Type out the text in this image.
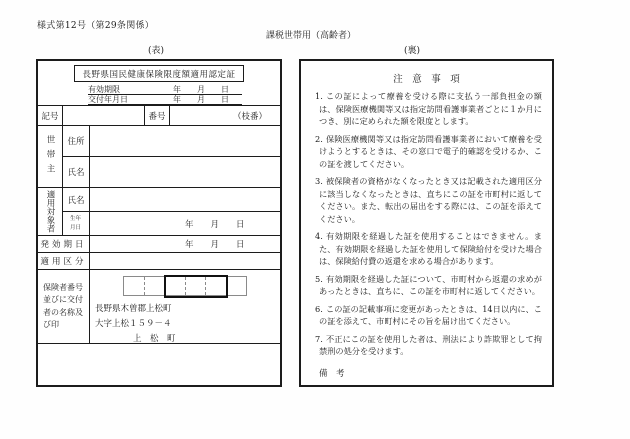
様式第12号（第29条関係）
課税世帯用（高齢者）
(表)	(裏)
長野県国民健康保険限度額適用認定証
有効期限	年　　月　　日
交付年月日	年　　月　　日
記号	番号	（枝番）
世帯主	住所
氏名
適用対象者	氏名
生年月日	年　　月　　日
発効期日	年　　月　　日
適用区分
保険者番号並びに交付者の名称及び印
長野県木曽郡上松町
大字上松１５９－４
上　松　町
注　意　事　項
1. この証によって療養を受ける際に支払う一部負担金の額は、保険医療機関等又は指定訪問看護事業者ごとに１か月につき、別に定められた額を限度とします。
2. 保険医療機関等又は指定訪問看護事業者において療養を受けようとするときは、その窓口で電子的確認を受けるか、この証を渡してください。
3. 被保険者の資格がなくなったとき又は記載された適用区分に該当しなくなったときは、直ちにこの証を市町村に返してください。また、転出の届出をする際には、この証を添えてください。
4. 有効期限を経過した証を使用することはできません。また、有効期限を経過した証を使用して保険給付を受けた場合は、保険給付費の返還を求める場合があります。
5. 有効期限を経過した証について、市町村から返還の求めがあったときは、直ちに、この証を市町村に返してください。
6. この証の記載事項に変更があったときは、14日以内に、この証を添えて、市町村にその旨を届け出てください。
7. 不正にこの証を使用した者は、刑法により詐欺罪として拘禁刑の処分を受けます。
備　考
